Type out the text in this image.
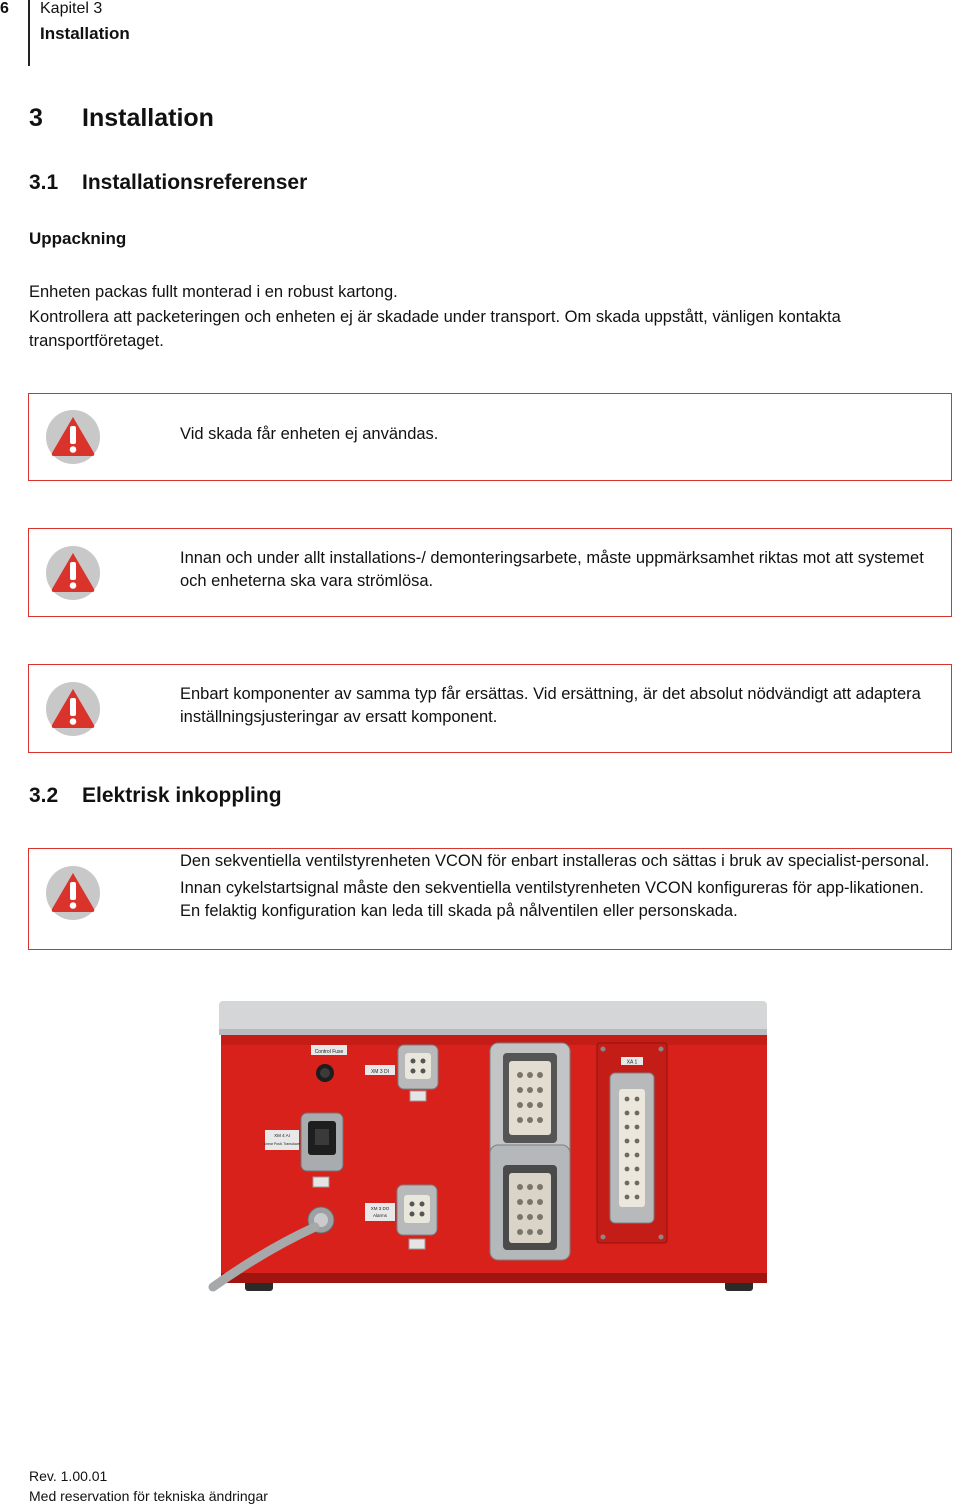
6 Kapitel 3
Installation
3 Installation
3.1 Installationsreferenser
Uppackning
Enheten packas fullt monterad i en robust kartong.
Kontrollera att packeteringen och enheten ej är skadade under transport. Om skada uppstått, vänligen kontakta transportföretaget.
Vid skada får enheten ej användas.
Innan och under allt installations-/ demonteringsarbete, måste uppmärksamhet riktas mot att systemet och enheterna ska vara strömlösa.
Enbart komponenter av samma typ får ersättas. Vid ersättning, är det absolut nödvändigt att adaptera inställningsjusteringar av ersatt komponent.
3.2 Elektrisk inkoppling

Den sekventiella ventilstyrenheten VCON för enbart installeras och sättas i bruk av specialist-personal.

Innan cykelstartsignal måste den sekventiella ventilstyrenheten VCON konfigureras för app-likationen. En felaktig konfiguration kan leda till skada på nålventilen eller personskada.

Control Fuse
XM 3 DI
XM 4 AI
Linear Posit. Transducer
XM 3 DO
Alarms
XA 1
Rev. 1.00.01
Med reservation för tekniska ändringar
